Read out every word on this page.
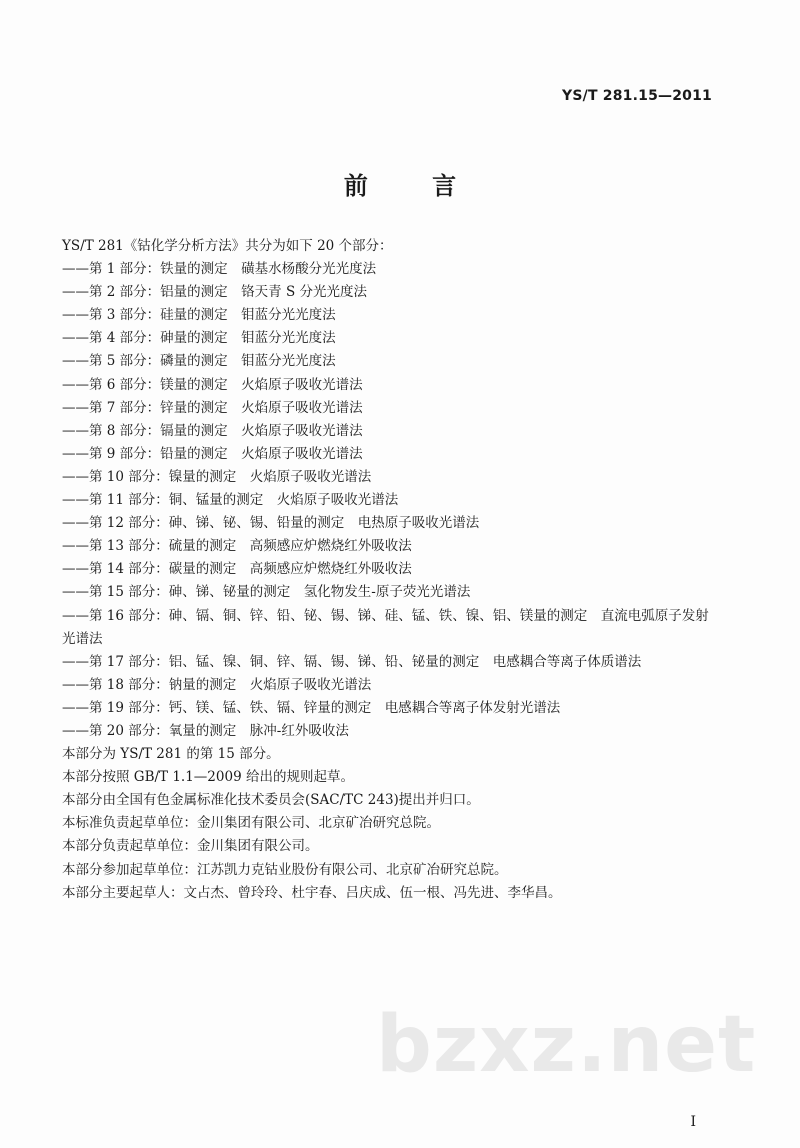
YS/T 281.15—2011
前 言
YS/T 281《钴化学分析方法》共分为如下 20 个部分：
——第 1 部分：铁量的测定　磺基水杨酸分光光度法
——第 2 部分：铝量的测定　铬天青 S 分光光度法
——第 3 部分：硅量的测定　钼蓝分光光度法
——第 4 部分：砷量的测定　钼蓝分光光度法
——第 5 部分：磷量的测定　钼蓝分光光度法
——第 6 部分：镁量的测定　火焰原子吸收光谱法
——第 7 部分：锌量的测定　火焰原子吸收光谱法
——第 8 部分：镉量的测定　火焰原子吸收光谱法
——第 9 部分：铅量的测定　火焰原子吸收光谱法
——第 10 部分：镍量的测定　火焰原子吸收光谱法
——第 11 部分：铜、锰量的测定　火焰原子吸收光谱法
——第 12 部分：砷、锑、铋、锡、铅量的测定　电热原子吸收光谱法
——第 13 部分：硫量的测定　高频感应炉燃烧红外吸收法
——第 14 部分：碳量的测定　高频感应炉燃烧红外吸收法
——第 15 部分：砷、锑、铋量的测定　氢化物发生-原子荧光光谱法
——第 16 部分：砷、镉、铜、锌、铅、铋、锡、锑、硅、锰、铁、镍、铝、镁量的测定　直流电弧原子发射光谱法
——第 17 部分：铝、锰、镍、铜、锌、镉、锡、锑、铅、铋量的测定　电感耦合等离子体质谱法
——第 18 部分：钠量的测定　火焰原子吸收光谱法
——第 19 部分：钙、镁、锰、铁、镉、锌量的测定　电感耦合等离子体发射光谱法
——第 20 部分：氧量的测定　脉冲-红外吸收法
本部分为 YS/T 281 的第 15 部分。
本部分按照 GB/T 1.1—2009 给出的规则起草。
本部分由全国有色金属标准化技术委员会(SAC/TC 243)提出并归口。
本标准负责起草单位：金川集团有限公司、北京矿冶研究总院。
本部分负责起草单位：金川集团有限公司。
本部分参加起草单位：江苏凯力克钴业股份有限公司、北京矿冶研究总院。
本部分主要起草人：文占杰、曾玲玲、杜宇春、吕庆成、伍一根、冯先进、李华昌。
bzxz.net
I
